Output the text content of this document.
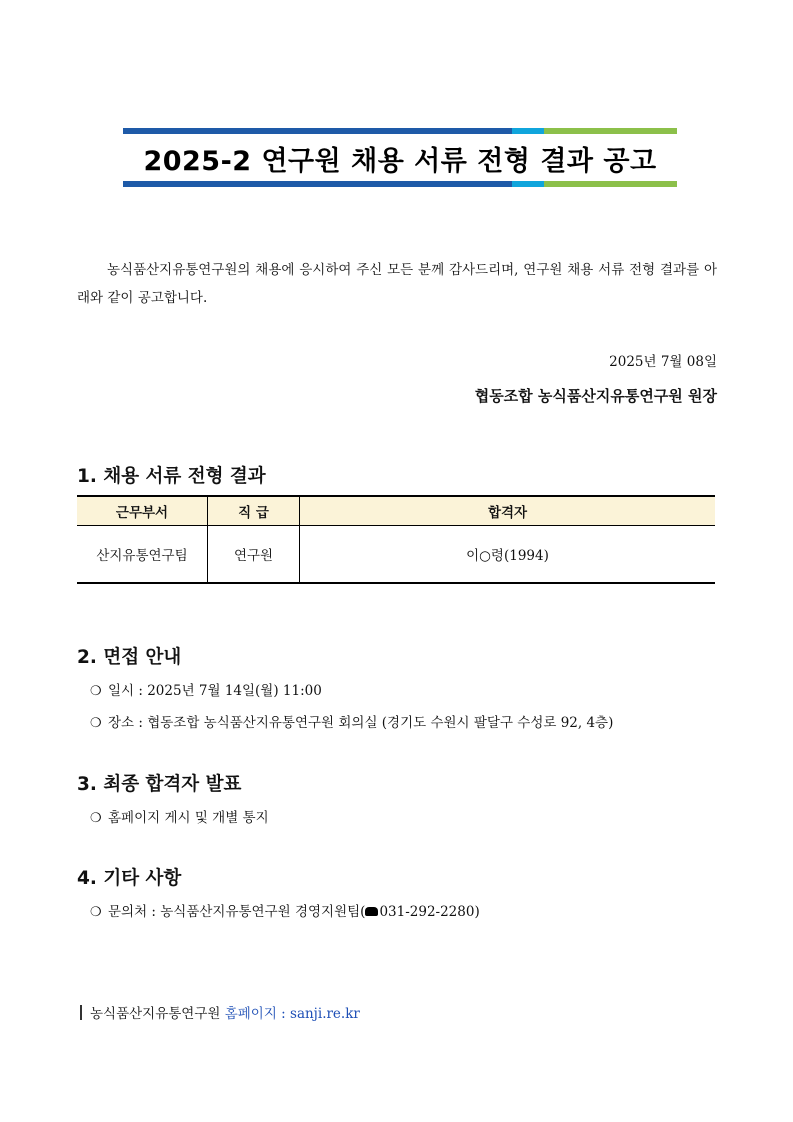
2025-2 연구원 채용 서류 전형 결과 공고
농식품산지유통연구원의 채용에 응시하여 주신 모든 분께 감사드리며, 연구원 채용 서류 전형 결과를 아래와 같이 공고합니다.
2025년 7월 08일
협동조합 농식품산지유통연구원 원장
1. 채용 서류 전형 결과
근무부서	직 급	합격자
산지유통연구팀	연구원	이○령(1994)
2. 면접 안내
❍ 일시 : 2025년 7월 14일(월) 11:00
❍ 장소 : 협동조합 농식품산지유통연구원 회의실 (경기도 수원시 팔달구 수성로 92, 4층)
3. 최종 합격자 발표
❍ 홈페이지 게시 및 개별 통지
4. 기타 사항
❍ 문의처 : 농식품산지유통연구원 경영지원팀( 031-292-2280)
농식품산지유통연구원 홈페이지 : sanji.re.kr
